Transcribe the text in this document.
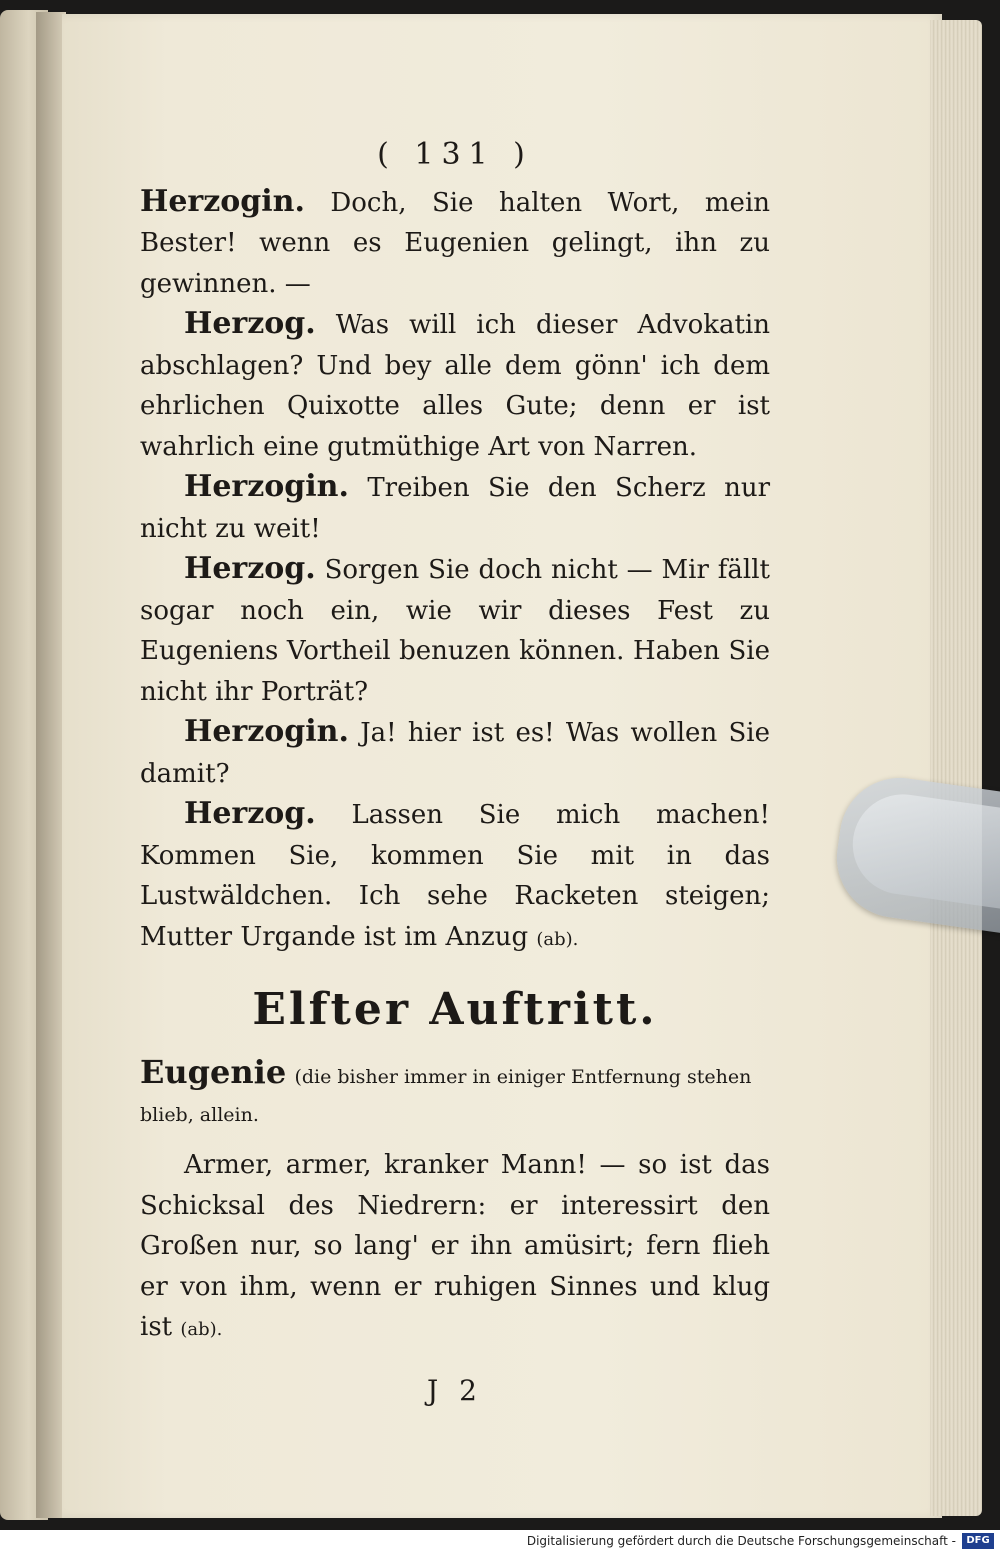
( 131 )

Herzogin. Doch, Sie halten Wort, mein Bester! wenn es Eugenien gelingt, ihn zu gewinnen. —

Herzog. Was will ich dieser Advokatin abschlagen? Und bey alle dem gönn' ich dem ehrlichen Quixotte alles Gute; denn er ist wahrlich eine gutmüthige Art von Narren.

Herzogin. Treiben Sie den Scherz nur nicht zu weit!

Herzog. Sorgen Sie doch nicht — Mir fällt sogar noch ein, wie wir dieses Fest zu Eugeniens Vortheil benuzen können. Haben Sie nicht ihr Porträt?

Herzogin. Ja! hier ist es! Was wollen Sie damit?

Herzog. Lassen Sie mich machen! Kommen Sie, kommen Sie mit in das Lustwäldchen. Ich sehe Racketen steigen; Mutter Urgande ist im Anzug (ab).

Elfter Auftritt.
Eugenie (die bisher immer in einiger Entfernung stehen blieb, allein.

Armer, armer, kranker Mann! — so ist das Schicksal des Niedrern: er interessirt den Großen nur, so lang' er ihn amüsirt; fern flieh er von ihm, wenn er ruhigen Sinnes und klug ist (ab).

J 2
Digitalisierung gefördert durch die Deutsche Forschungsgemeinschaft -	DFG
